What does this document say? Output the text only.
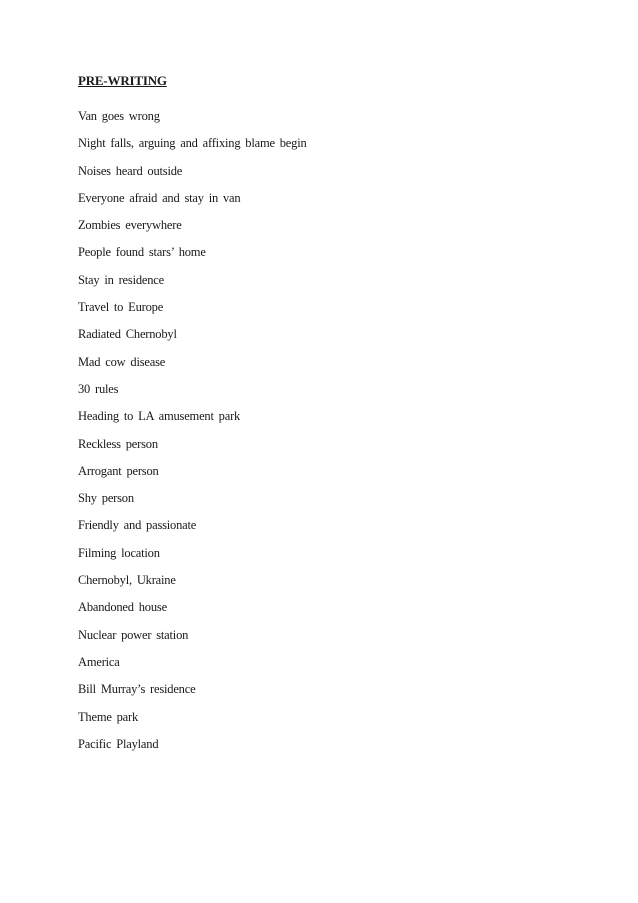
PRE-WRITING
Van goes wrong
Night falls, arguing and affixing blame begin
Noises heard outside
Everyone afraid and stay in van
Zombies everywhere
People found stars’ home
Stay in residence
Travel to Europe
Radiated Chernobyl
Mad cow disease
30 rules
Heading to LA amusement park
Reckless person
Arrogant person
Shy person
Friendly and passionate
Filming location
Chernobyl, Ukraine
Abandoned house
Nuclear power station
America
Bill Murray’s residence
Theme park
Pacific Playland
